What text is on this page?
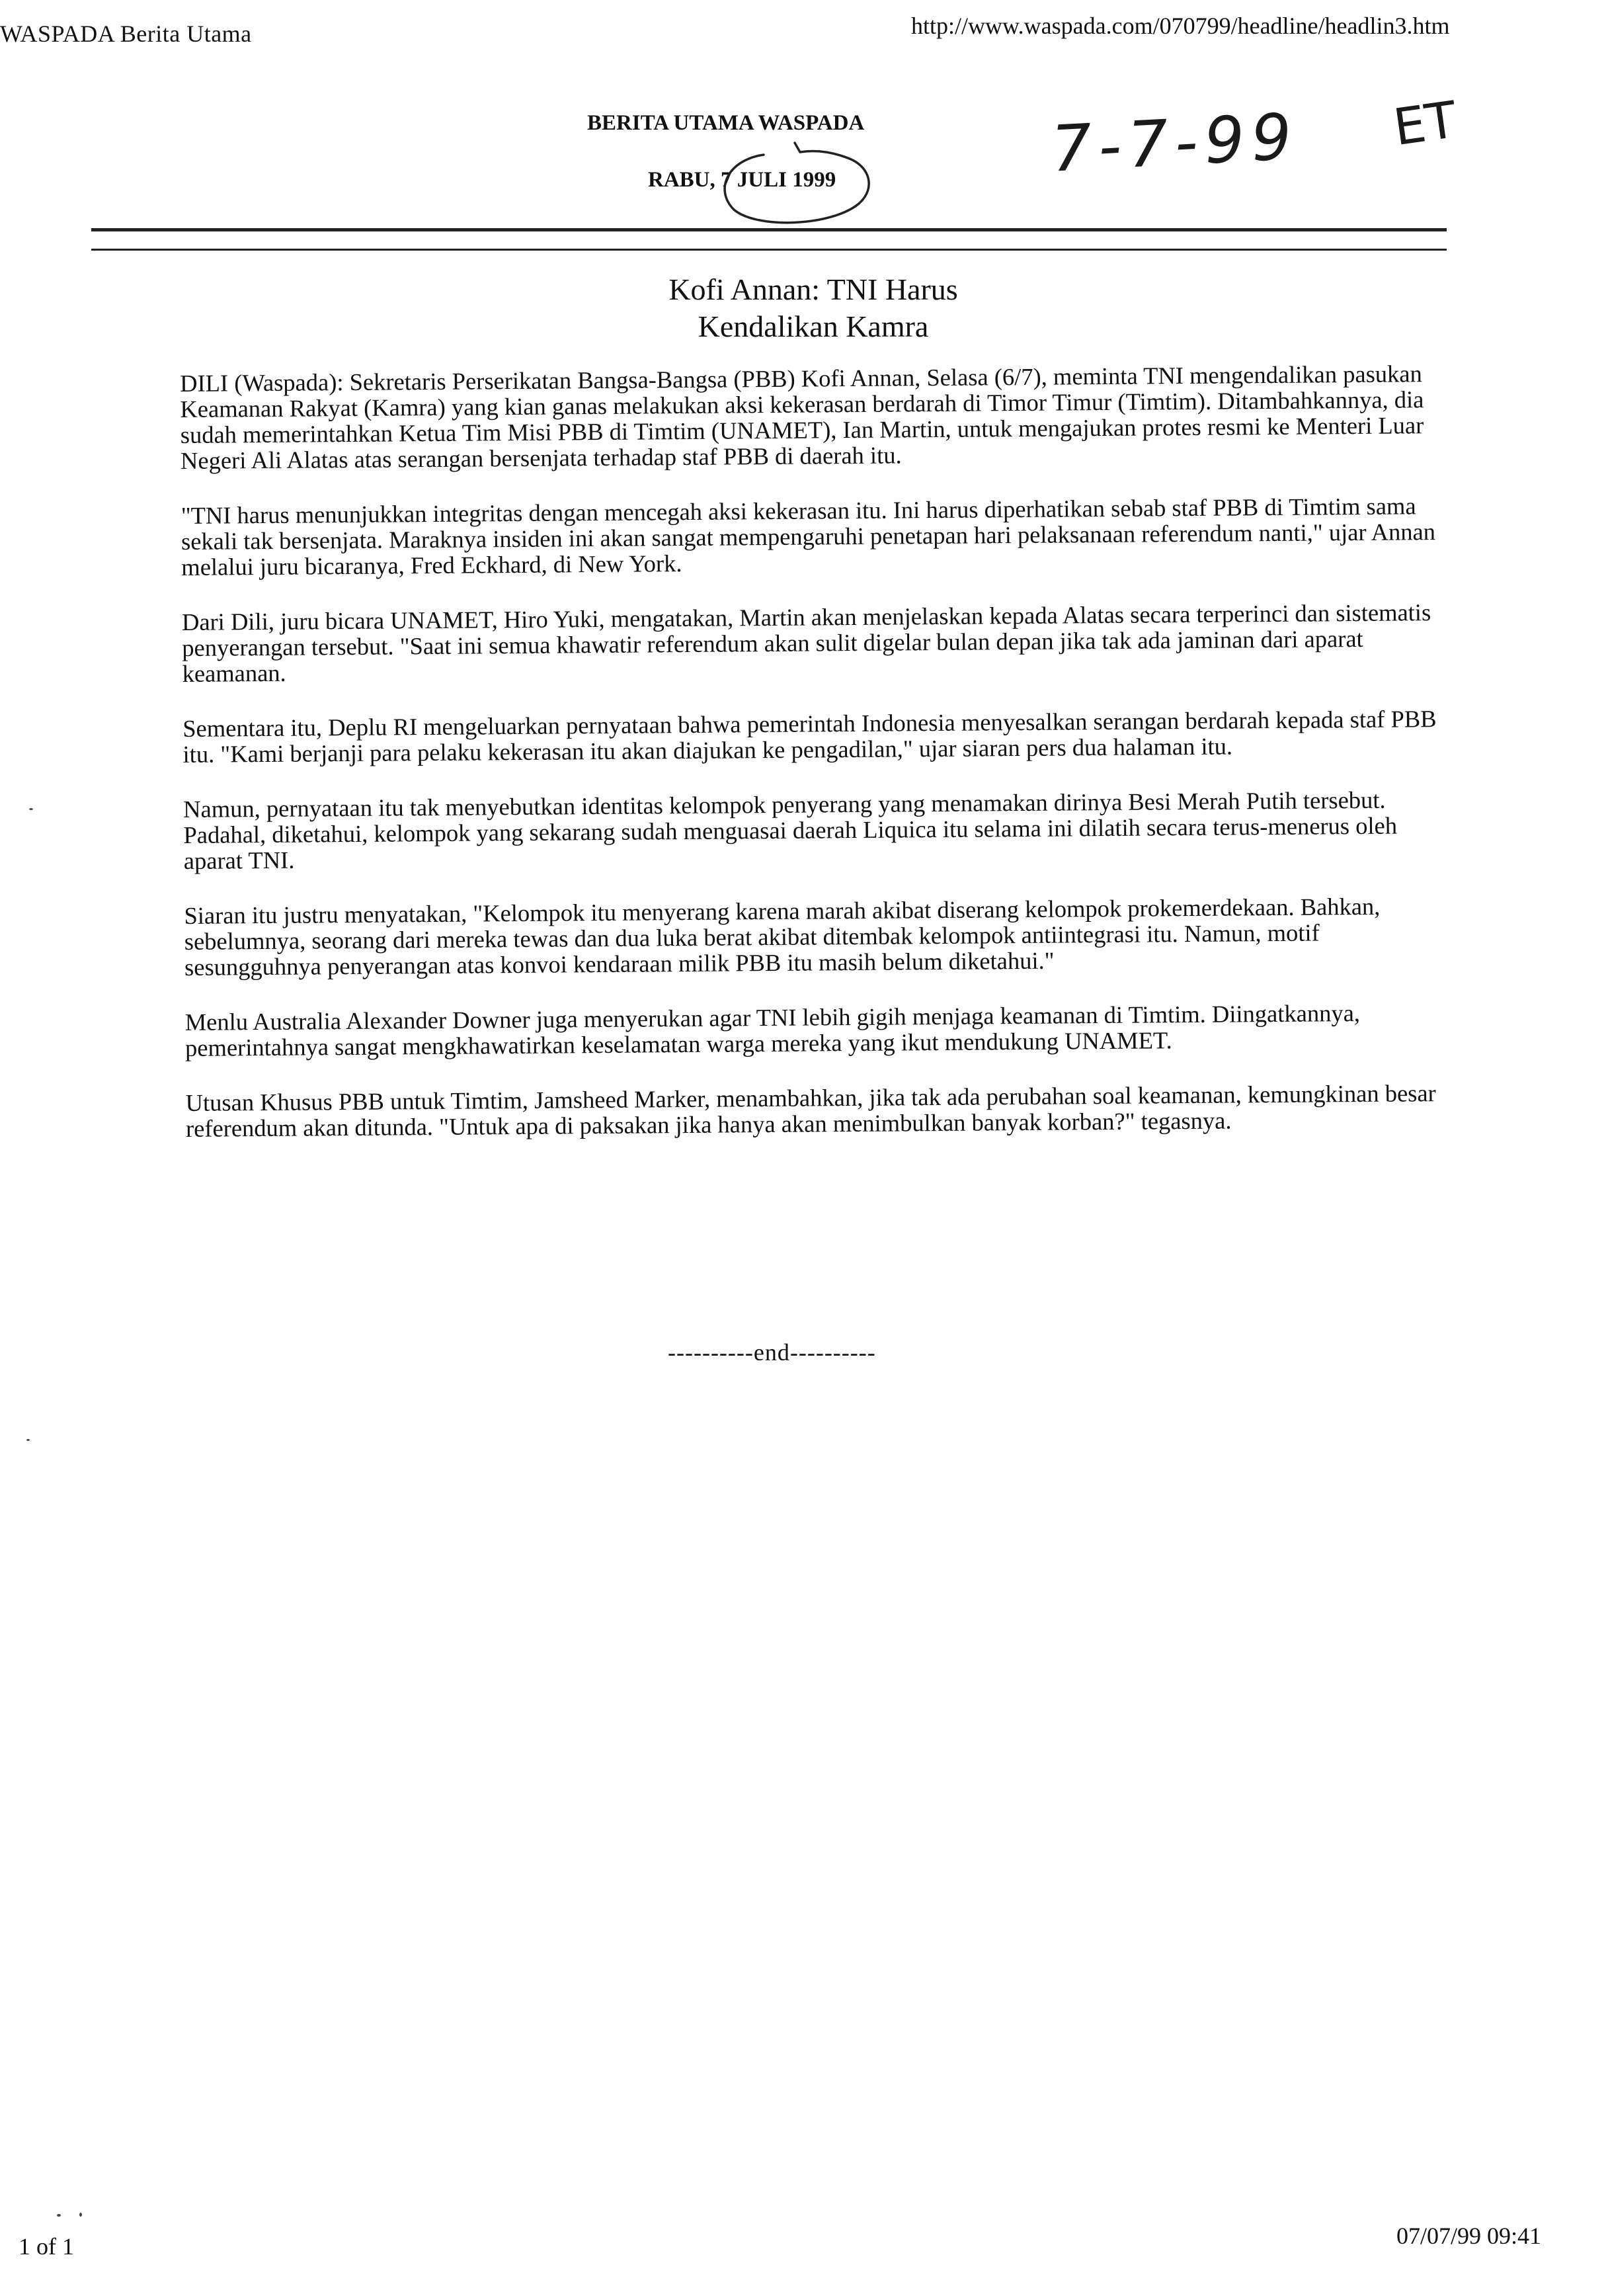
WASPADA Berita Utama	http://www.waspada.com/070799/headline/headlin3.htm
BERITA UTAMA WASPADA
RABU, 7 JULI 1999	7-7-99 ET
Kofi Annan: TNI Harus
Kendalikan Kamra

DILI (Waspada): Sekretaris Perserikatan Bangsa-Bangsa (PBB) Kofi Annan, Selasa (6/7), meminta TNI mengendalikan pasukan Keamanan Rakyat (Kamra) yang kian ganas melakukan aksi kekerasan berdarah di Timor Timur (Timtim). Ditambahkannya, dia sudah memerintahkan Ketua Tim Misi PBB di Timtim (UNAMET), Ian Martin, untuk mengajukan protes resmi ke Menteri Luar Negeri Ali Alatas atas serangan bersenjata terhadap staf PBB di daerah itu.

"TNI harus menunjukkan integritas dengan mencegah aksi kekerasan itu. Ini harus diperhatikan sebab staf PBB di Timtim sama sekali tak bersenjata. Maraknya insiden ini akan sangat mempengaruhi penetapan hari pelaksanaan referendum nanti," ujar Annan melalui juru bicaranya, Fred Eckhard, di New York.

Dari Dili, juru bicara UNAMET, Hiro Yuki, mengatakan, Martin akan menjelaskan kepada Alatas secara terperinci dan sistematis penyerangan tersebut. "Saat ini semua khawatir referendum akan sulit digelar bulan depan jika tak ada jaminan dari aparat keamanan.

Sementara itu, Deplu RI mengeluarkan pernyataan bahwa pemerintah Indonesia menyesalkan serangan berdarah kepada staf PBB itu. "Kami berjanji para pelaku kekerasan itu akan diajukan ke pengadilan," ujar siaran pers dua halaman itu.

Namun, pernyataan itu tak menyebutkan identitas kelompok penyerang yang menamakan dirinya Besi Merah Putih tersebut. Padahal, diketahui, kelompok yang sekarang sudah menguasai daerah Liquica itu selama ini dilatih secara terus-menerus oleh aparat TNI.

Siaran itu justru menyatakan, "Kelompok itu menyerang karena marah akibat diserang kelompok prokemerdekaan. Bahkan, sebelumnya, seorang dari mereka tewas dan dua luka berat akibat ditembak kelompok antiintegrasi itu. Namun, motif sesungguhnya penyerangan atas konvoi kendaraan milik PBB itu masih belum diketahui."

Menlu Australia Alexander Downer juga menyerukan agar TNI lebih gigih menjaga keamanan di Timtim. Diingatkannya, pemerintahnya sangat mengkhawatirkan keselamatan warga mereka yang ikut mendukung UNAMET.

Utusan Khusus PBB untuk Timtim, Jamsheed Marker, menambahkan, jika tak ada perubahan soal keamanan, kemungkinan besar referendum akan ditunda. "Untuk apa di paksakan jika hanya akan menimbulkan banyak korban?" tegasnya.

----------end----------
1 of 1	07/07/99 09:41
